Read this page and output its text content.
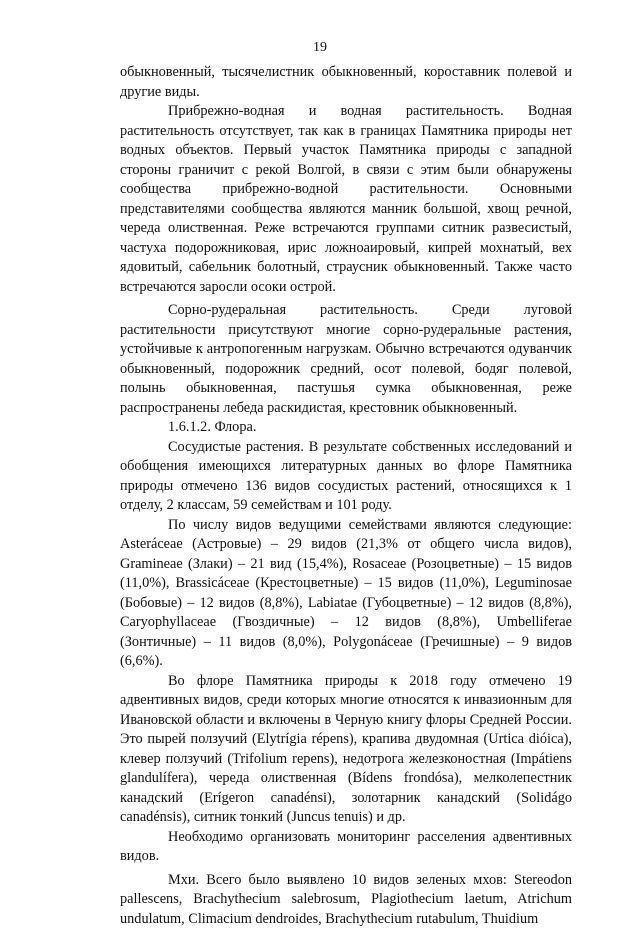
19

обыкновенный, тысячелистник обыкновенный, короставник полевой и другие виды.

Прибрежно-водная и водная растительность. Водная растительность отсутствует, так как в границах Памятника природы нет водных объектов. Первый участок Памятника природы с западной стороны граничит с рекой Волгой, в связи с этим были обнаружены сообщества прибрежно-водной растительности. Основными представителями сообщества являются манник большой, хвощ речной, череда олиственная. Реже встречаются группами ситник развесистый, частуха подорожниковая, ирис ложноаировый, кипрей мохнатый, вех ядовитый, сабельник болотный, страусник обыкновенный. Также часто встречаются заросли осоки острой.

Сорно-рудеральная растительность. Среди луговой растительности присутствуют многие сорно-рудеральные растения, устойчивые к антропогенным нагрузкам. Обычно встречаются одуванчик обыкновенный, подорожник средний, осот полевой, бодяг полевой, полынь обыкновенная, пастушья сумка обыкновенная, реже распространены лебеда раскидистая, крестовник обыкновенный.

1.6.1.2. Флора.

Сосудистые растения. В результате собственных исследований и обобщения имеющихся литературных данных во флоре Памятника природы отмечено 136 видов сосудистых растений, относящихся к 1 отделу, 2 классам, 59 семействам и 101 роду.

По числу видов ведущими семействами являются следующие: Asteráceae (Астровые) – 29 видов (21,3% от общего числа видов), Gramineae (Злаки) – 21 вид (15,4%), Rosaceae (Розоцветные) – 15 видов (11,0%), Brassicáceae (Крестоцветные) – 15 видов (11,0%), Leguminosae (Бобовые) – 12 видов (8,8%), Labiatae (Губоцветные) – 12 видов (8,8%), Caryophyllaceae (Гвоздичные) – 12 видов (8,8%), Umbelliferae (Зонтичные) – 11 видов (8,0%), Polygonáceae (Гречишные) – 9 видов (6,6%).

Во флоре Памятника природы к 2018 году отмечено 19 адвентивных видов, среди которых многие относятся к инвазионным для Ивановской области и включены в Черную книгу флоры Средней России. Это пырей ползучий (Elytrígia répens), крапива двудомная (Urtica dióica), клевер ползучий (Trifolium repens), недотрога железконостная (Impátiens glandulífera), череда олиственная (Bídens frondósa), мелколепестник канадский (Erígeron canadénsi), золотарник канадский (Solidágo canadénsis), ситник тонкий (Juncus tenuis) и др.

Необходимо организовать мониторинг расселения адвентивных видов.

Мхи. Всего было выявлено 10 видов зеленых мхов: Stereodon pallescens, Brachythecium salebrosum, Plagiothecium laetum, Atrichum undulatum, Climacium dendroides, Brachythecium rutabulum, Thuidium
